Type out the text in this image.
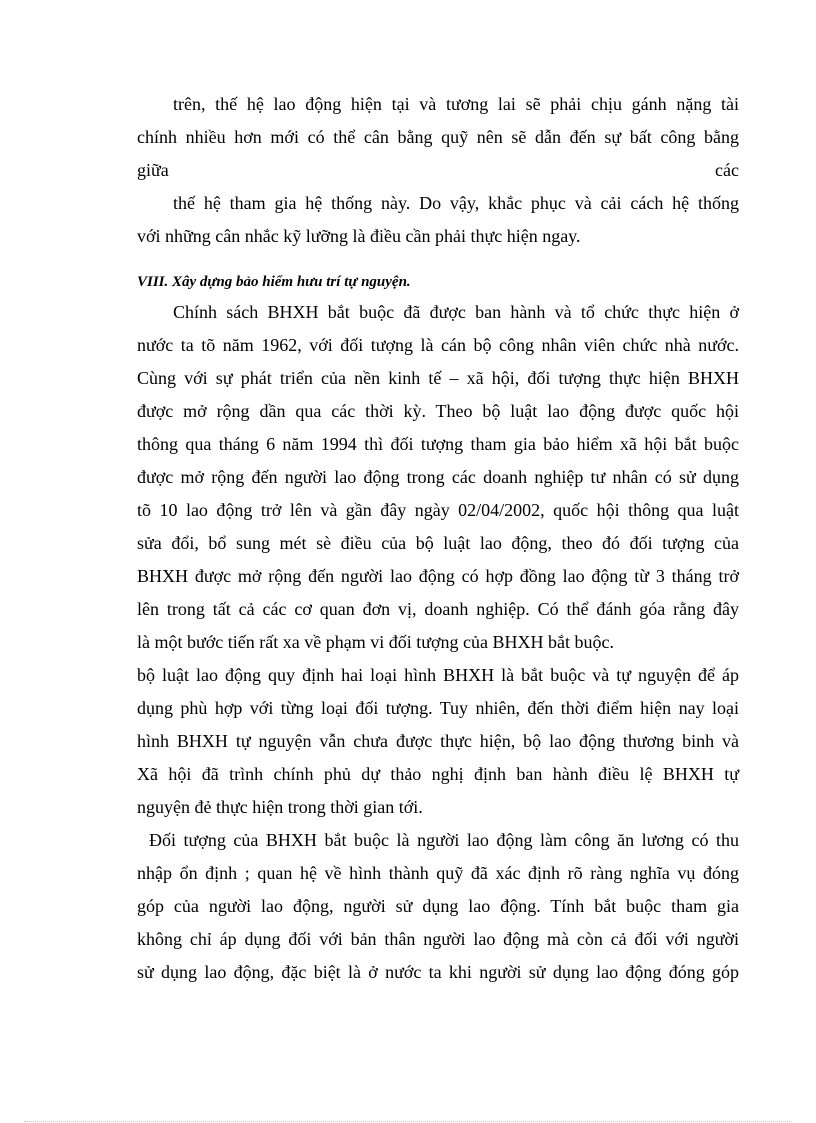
trên, thế hệ lao động hiện tại và tương lai sẽ phải chịu gánh nặng tài
chính nhiều hơn mới có thể cân bằng quỹ nên sẽ dẫn đến sự bất công bằng
giữa	các
thế hệ tham gia hệ thống này. Do vậy, khắc phục và cải cách hệ thống
với những cân nhắc kỹ lưỡng là điều cần phải thực hiện ngay.
VIII. Xây dựng bảo hiểm hưu trí tự nguyện.
Chính sách BHXH bắt buộc đã được ban hành và tổ chức thực hiện ở
nước ta tõ năm 1962, với đối tượng là cán bộ công nhân viên chức nhà nước.
Cùng với sự phát triển của nền kinh tế – xã hội, đối tượng thực hiện BHXH
được mở rộng dần qua các thời kỳ. Theo bộ luật lao động được quốc hội
thông qua tháng 6 năm 1994 thì đối tượng tham gia bảo hiểm xã hội bắt buộc
được mở rộng đến người lao động trong các doanh nghiệp tư nhân có sử dụng
tõ 10 lao động trở lên và gần đây ngày 02/04/2002, quốc hội thông qua luật
sửa đổi, bổ sung mét sè điều của bộ luật lao động, theo đó đối tượng của
BHXH được mở rộng đến người lao động có hợp đồng lao động từ 3 tháng trở
lên trong tất cả các cơ quan đơn vị, doanh nghiệp. Có thể đánh góa rằng đây
là một bước tiến rất xa về phạm vi đối tượng của BHXH bắt buộc.
bộ luật lao động quy định hai loại hình BHXH là bắt buộc và tự nguyện để áp
dụng phù hợp với từng loại đối tượng. Tuy nhiên, đến thời điểm hiện nay loại
hình BHXH tự nguyện vẫn chưa được thực hiện, bộ lao động thương binh và
Xã hội đã trình chính phủ dự thảo nghị định ban hành điều lệ BHXH tự
nguyện đẻ thực hiện trong thời gian tới.
Đối tượng của BHXH bắt buộc là người lao động làm công ăn lương có thu
nhập ổn định ; quan hệ về hình thành quỹ đã xác định rõ ràng nghĩa vụ đóng
góp của người lao động, người sử dụng lao động. Tính bắt buộc tham gia
không chỉ áp dụng đối với bản thân người lao động mà còn cả đối với người
sử dụng lao động, đặc biệt là ở nước ta khi người sử dụng lao động đóng góp
